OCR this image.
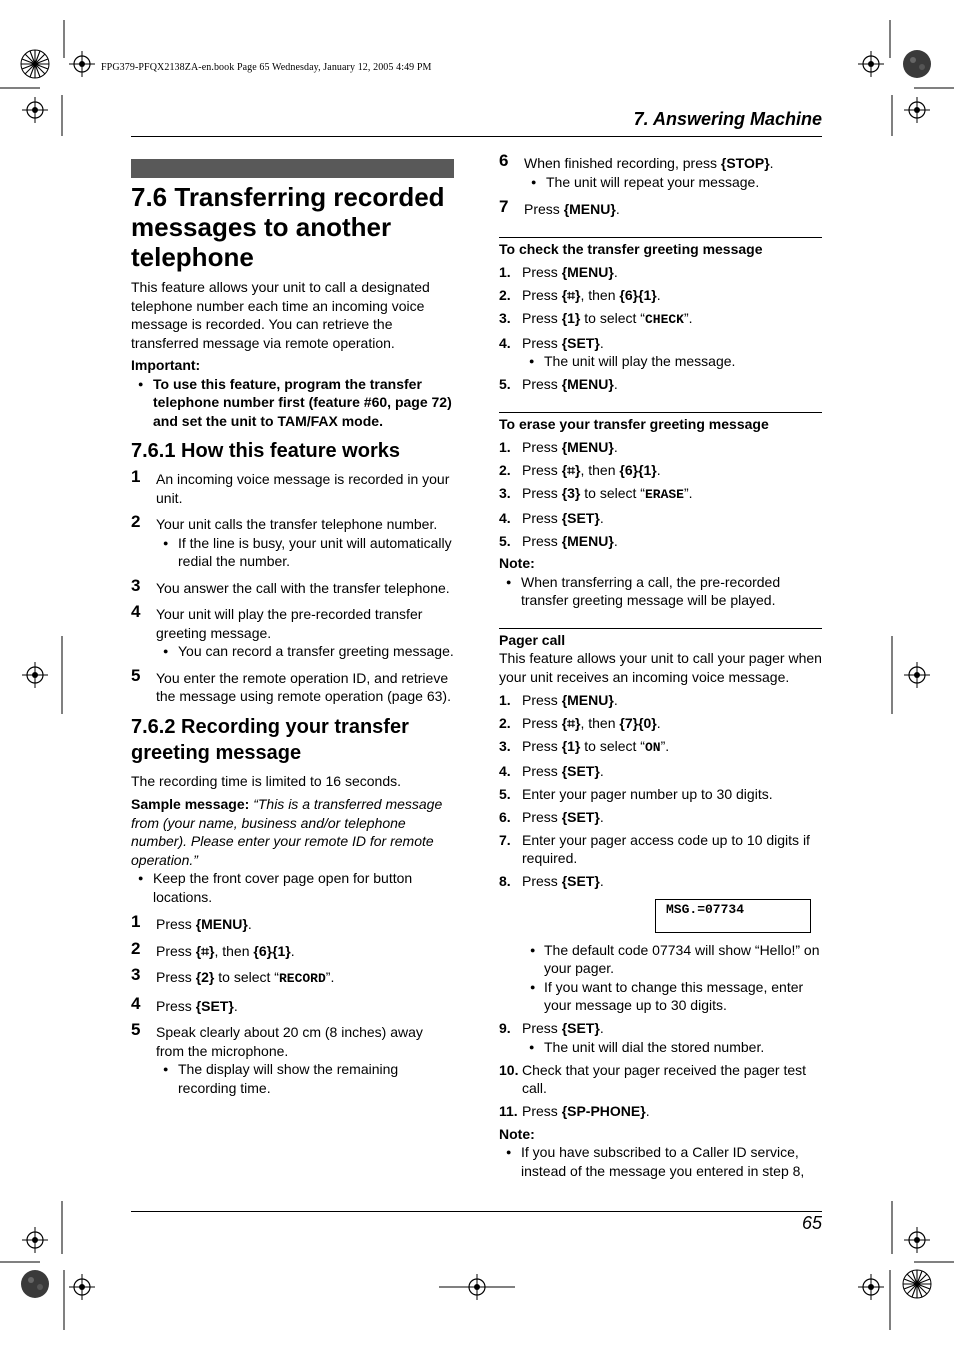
FPG379-PFQX2138ZA-en.book Page 65 Wednesday, January 12, 2005 4:49 PM
7. Answering Machine
7.6 Transferring recorded messages to another telephone

This feature allows your unit to call a designated telephone number each time an incoming voice message is recorded. You can retrieve the transferred message via remote operation.

Important:

● To use this feature, program the transfer telephone number first (feature #60, page 72) and set the unit to TAM/FAX mode.

7.6.1 How this feature works
1 An incoming voice message is recorded in your unit.

2 Your unit calls the transfer telephone number.

● If the line is busy, your unit will automatically redial the number.

3 You answer the call with the transfer telephone.

4 Your unit will play the pre-recorded transfer greeting message.

● You can record a transfer greeting message.

5 You enter the remote operation ID, and retrieve the message using remote operation (page 63).

7.6.2 Recording your transfer greeting message

The recording time is limited to 16 seconds.

Sample message: “This is a transferred message from (your name, business and/or telephone number). Please enter your remote ID for remote operation.”

● Keep the front cover page open for button locations.

1 Press {MENU}.

2 Press {⌗}, then {6}{1}.

3 Press {2} to select “RECORD”.

4 Press {SET}.

5 Speak clearly about 20 cm (8 inches) away from the microphone.

● The display will show the remaining recording time.

6 When finished recording, press {STOP}.

● The unit will repeat your message.

7 Press {MENU}.

To check the transfer greeting message
1. Press {MENU}.
2. Press {⌗}, then {6}{1}.
3. Press {1} to select “CHECK”.
4. Press {SET}.

● The unit will play the message.

5. Press {MENU}.
To erase your transfer greeting message
1. Press {MENU}.
2. Press {⌗}, then {6}{1}.
3. Press {3} to select “ERASE”.
4. Press {SET}.
5. Press {MENU}.

Note:

● When transferring a call, the pre-recorded transfer greeting message will be played.

Pager call

This feature allows your unit to call your pager when your unit receives an incoming voice message.

1. Press {MENU}.
2. Press {⌗}, then {7}{0}.
3. Press {1} to select “ON”.
4. Press {SET}.
5. Enter your pager number up to 30 digits.
6. Press {SET}.
7. Enter your pager access code up to 10 digits if required.
8. Press {SET}.
MSG.=07734

● The default code 07734 will show “Hello!” on your pager.

● If you want to change this message, enter your message up to 30 digits.

9. Press {SET}.

● The unit will dial the stored number.

10. Check that your pager received the pager test call.
11. Press {SP-PHONE}.

Note:

● If you have subscribed to a Caller ID service, instead of the message you entered in step 8,

65
